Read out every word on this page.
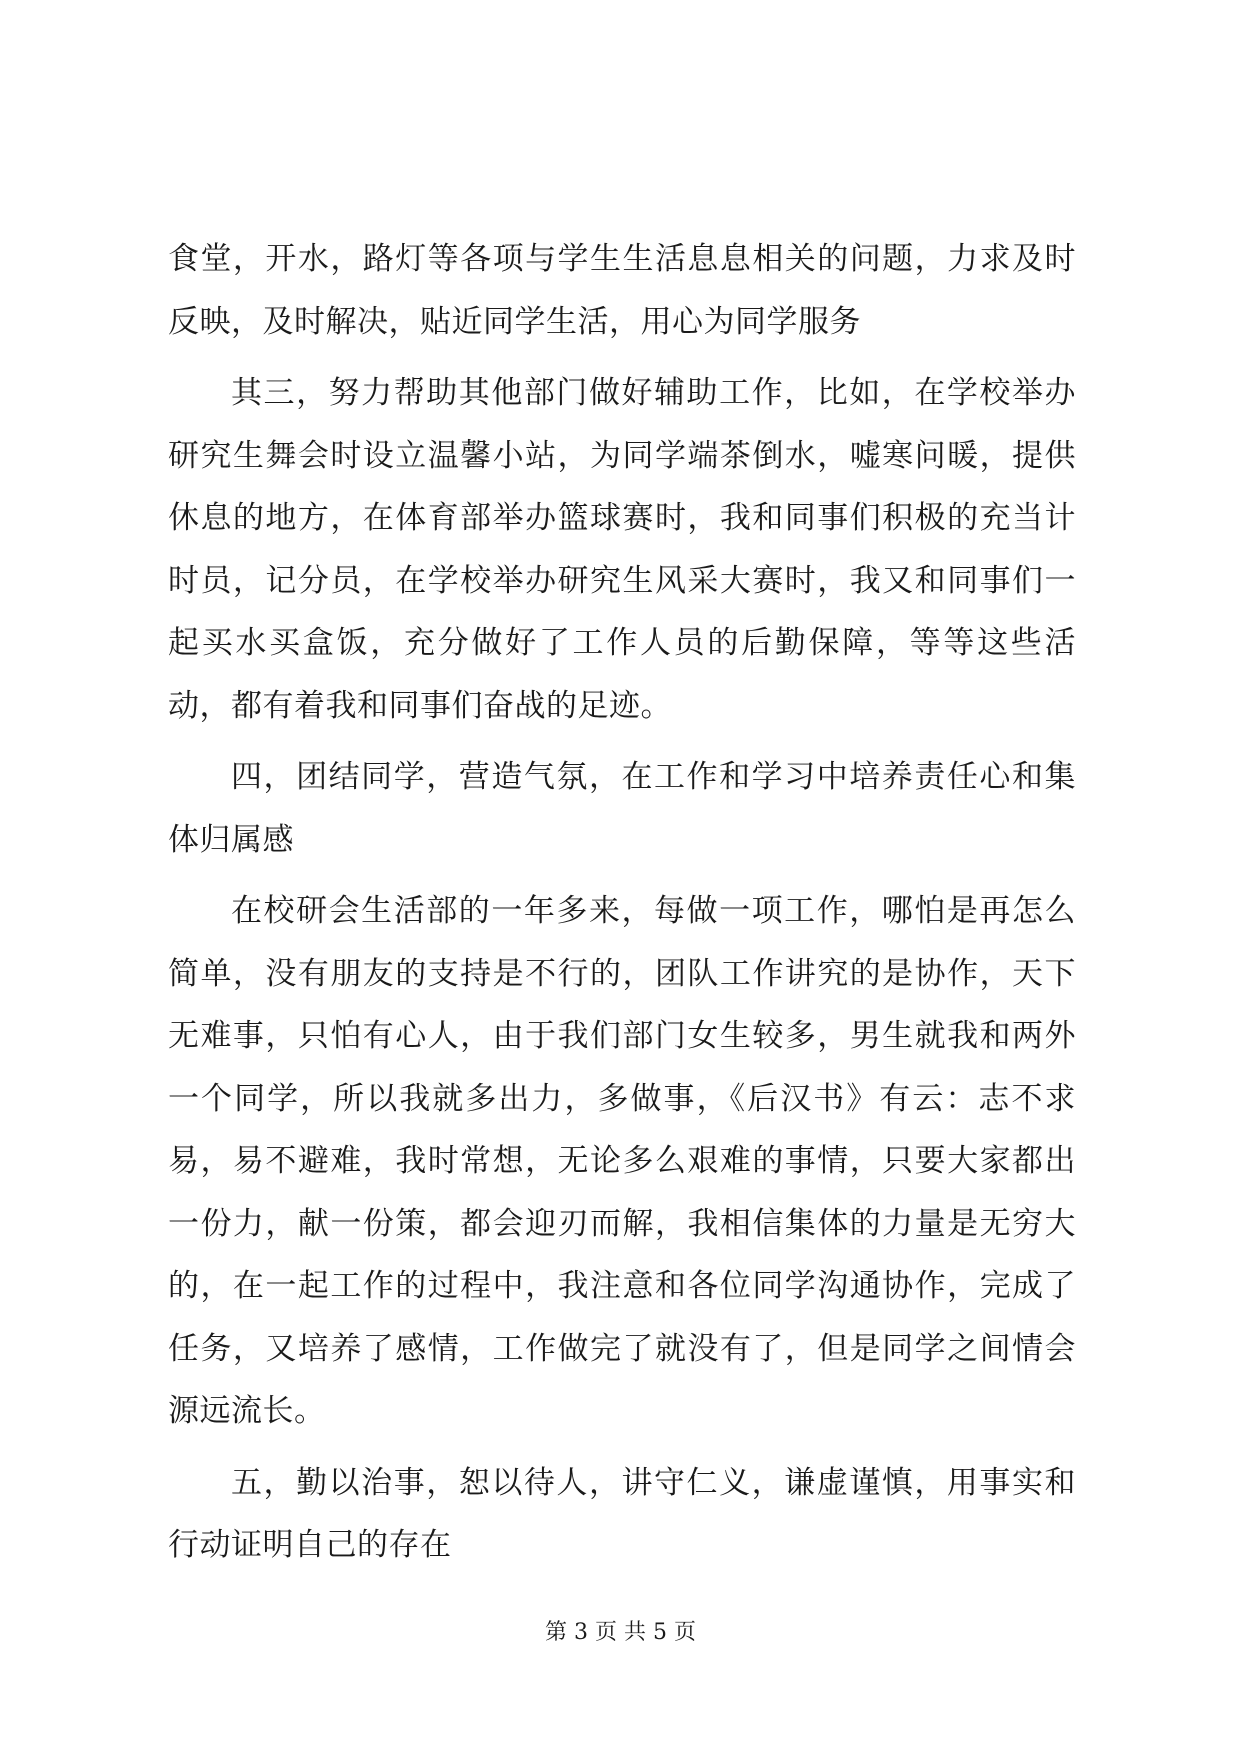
食堂，开水，路灯等各项与学生生活息息相关的问题，力求及时反映，及时解决，贴近同学生活，用心为同学服务

其三，努力帮助其他部门做好辅助工作，比如，在学校举办研究生舞会时设立温馨小站，为同学端茶倒水，嘘寒问暖，提供休息的地方，在体育部举办篮球赛时，我和同事们积极的充当计时员，记分员，在学校举办研究生风采大赛时，我又和同事们一起买水买盒饭，充分做好了工作人员的后勤保障，等等这些活动，都有着我和同事们奋战的足迹。

四，团结同学，营造气氛，在工作和学习中培养责任心和集体归属感

在校研会生活部的一年多来，每做一项工作，哪怕是再怎么简单，没有朋友的支持是不行的，团队工作讲究的是协作，天下无难事，只怕有心人，由于我们部门女生较多，男生就我和两外一个同学，所以我就多出力，多做事，《后汉书》有云：志不求易，易不避难，我时常想，无论多么艰难的事情，只要大家都出一份力，献一份策，都会迎刃而解，我相信集体的力量是无穷大的，在一起工作的过程中，我注意和各位同学沟通协作，完成了任务，又培养了感情，工作做完了就没有了，但是同学之间情会源远流长。

五，勤以治事，恕以待人，讲守仁义，谦虚谨慎，用事实和行动证明自己的存在

第 3 页 共 5 页
